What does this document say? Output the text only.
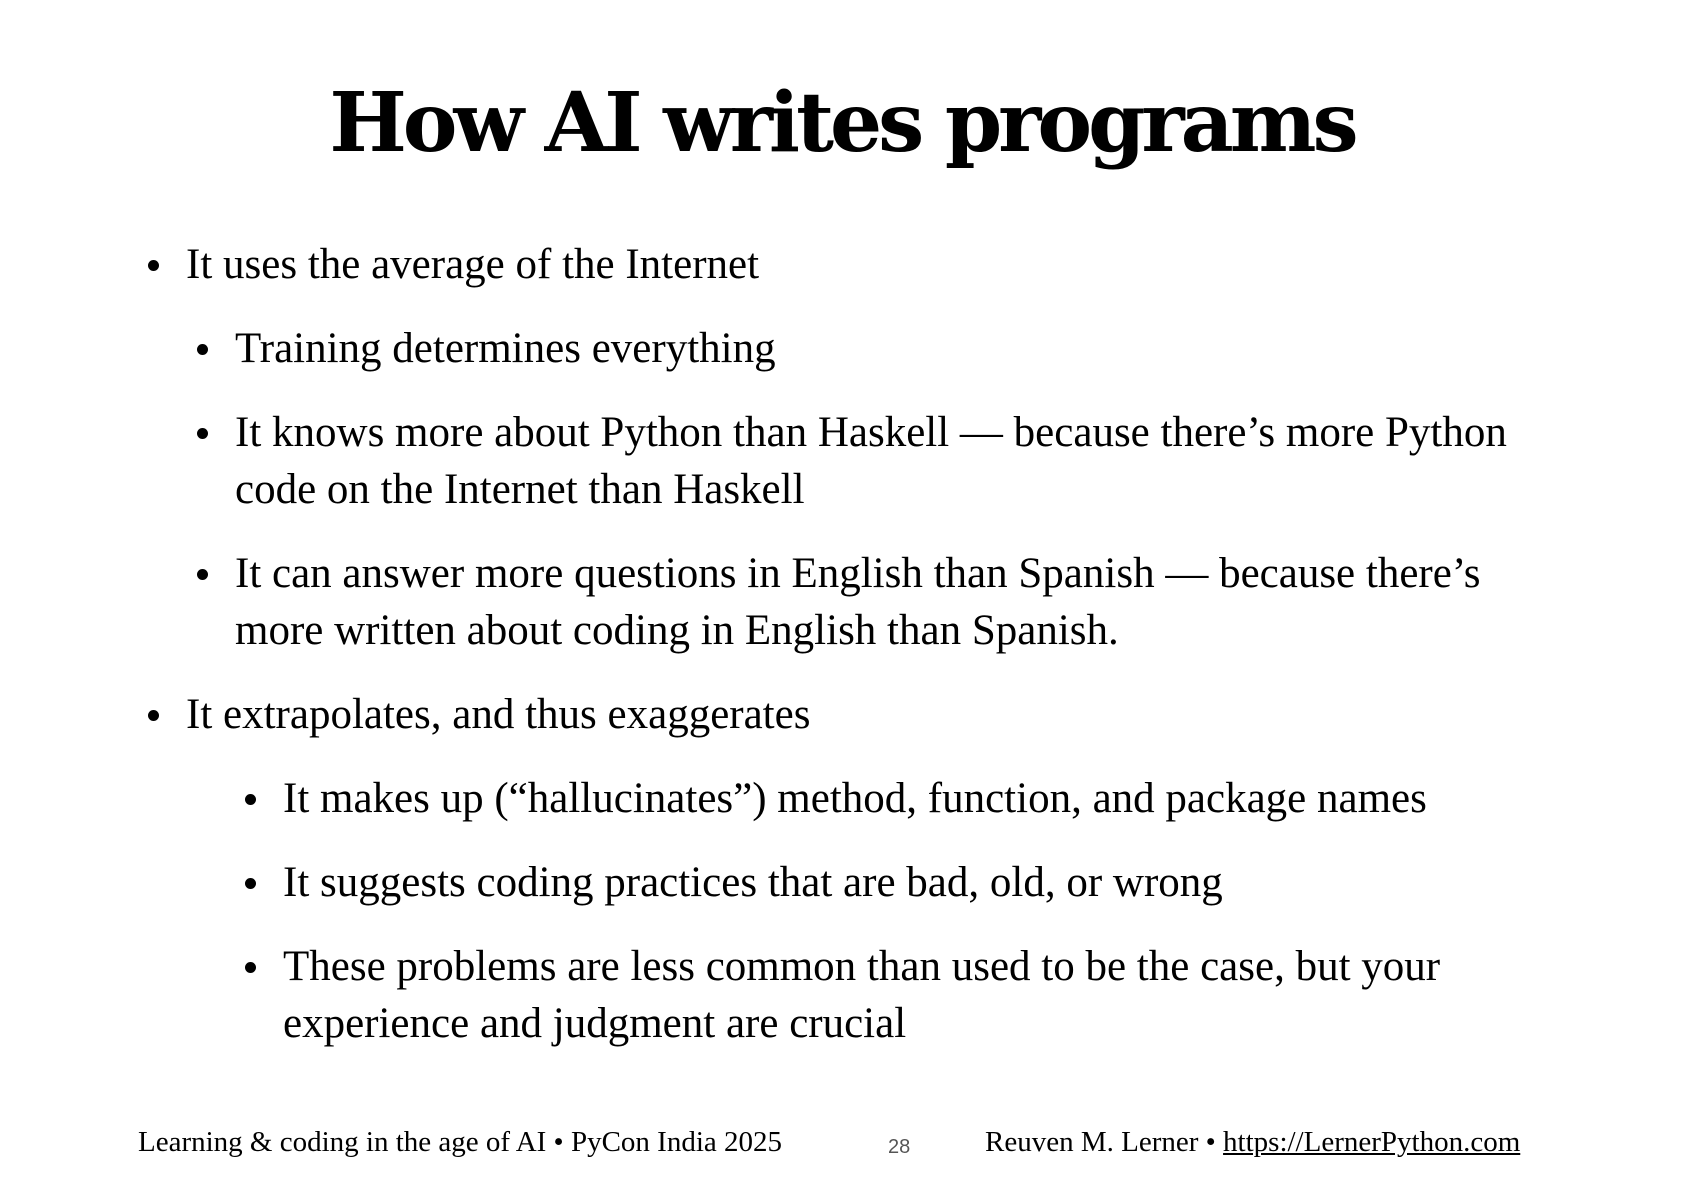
How AI writes programs
It uses the average of the Internet
Training determines everything
It knows more about Python than Haskell — because there’s more Python code on the Internet than Haskell
It can answer more questions in English than Spanish — because there’s more written about coding in English than Spanish.
It extrapolates, and thus exaggerates
It makes up (“hallucinates”) method, function, and package names
It suggests coding practices that are bad, old, or wrong
These problems are less common than used to be the case, but your experience and judgment are crucial
Learning & coding in the age of AI • PyCon India 2025	28	Reuven M. Lerner • https://LernerPython.com
